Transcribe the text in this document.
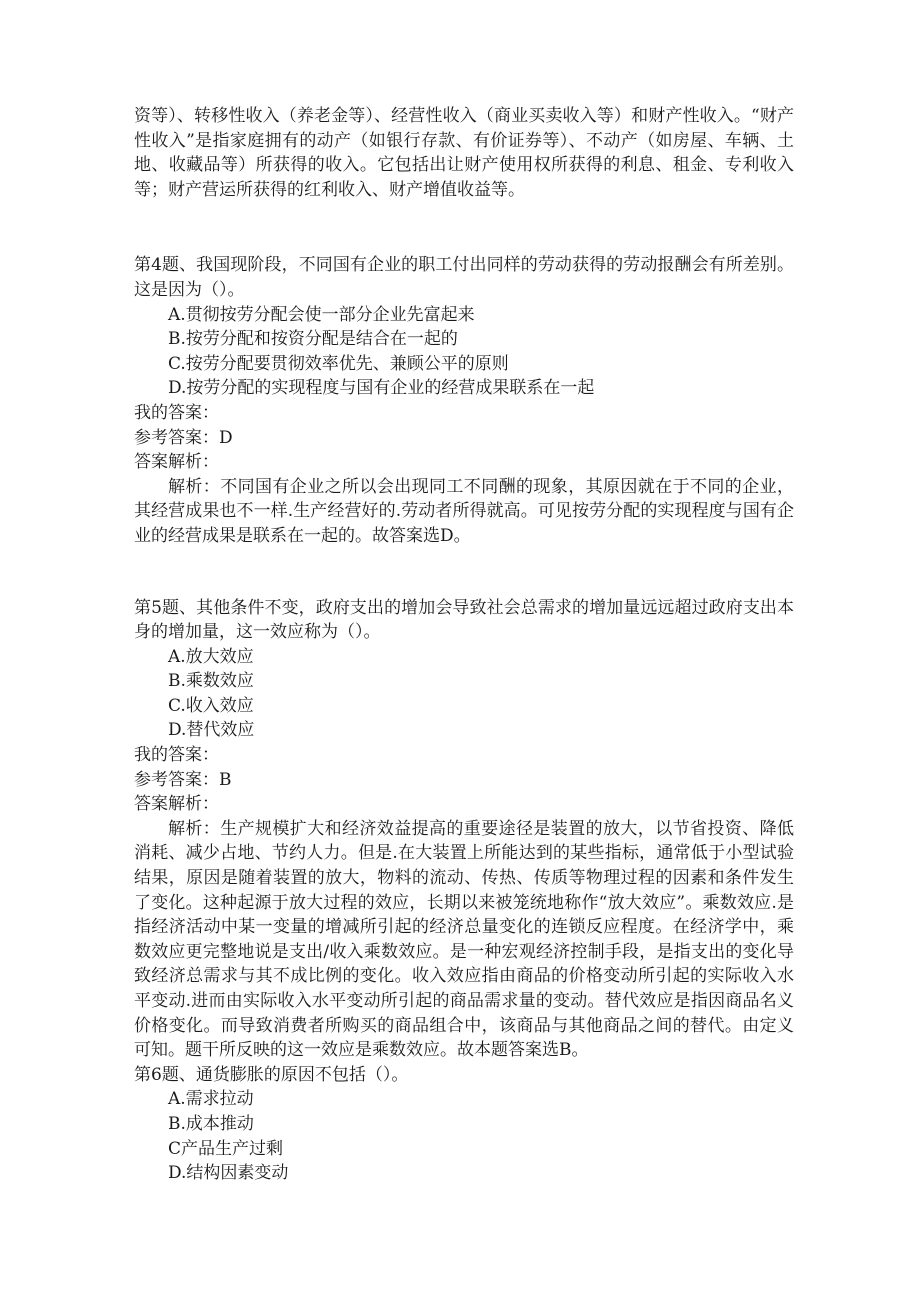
资等）、转移性收入（养老金等）、经营性收入（商业买卖收入等）和财产性收入。“财产性收入”是指家庭拥有的动产（如银行存款、有价证券等）、不动产（如房屋、车辆、土地、收藏品等）所获得的收入。它包括出让财产使用权所获得的利息、租金、专利收入等；财产营运所获得的红利收入、财产增值收益等。

第4题、我国现阶段，不同国有企业的职工付出同样的劳动获得的劳动报酬会有所差别。这是因为（）。

A.贯彻按劳分配会使一部分企业先富起来

B.按劳分配和按资分配是结合在一起的

C.按劳分配要贯彻效率优先、兼顾公平的原则

D.按劳分配的实现程度与国有企业的经营成果联系在一起

我的答案：

参考答案：D

答案解析：

解析：不同国有企业之所以会出现同工不同酬的现象，其原因就在于不同的企业，其经营成果也不一样.生产经营好的.劳动者所得就高。可见按劳分配的实现程度与国有企业的经营成果是联系在一起的。故答案选D。

第5题、其他条件不变，政府支出的增加会导致社会总需求的增加量远远超过政府支出本身的增加量，这一效应称为（）。

A.放大效应

B.乘数效应

C.收入效应

D.替代效应

我的答案：

参考答案：B

答案解析：

解析：生产规模扩大和经济效益提高的重要途径是装置的放大，以节省投资、降低消耗、减少占地、节约人力。但是.在大装置上所能达到的某些指标，通常低于小型试验结果，原因是随着装置的放大，物料的流动、传热、传质等物理过程的因素和条件发生了变化。这种起源于放大过程的效应，长期以来被笼统地称作“放大效应”。乘数效应.是指经济活动中某一变量的增减所引起的经济总量变化的连锁反应程度。在经济学中，乘数效应更完整地说是支出/收入乘数效应。是一种宏观经济控制手段，是指支出的变化导致经济总需求与其不成比例的变化。收入效应指由商品的价格变动所引起的实际收入水平变动.进而由实际收入水平变动所引起的商品需求量的变动。替代效应是指因商品名义价格变化。而导致消费者所购买的商品组合中，该商品与其他商品之间的替代。由定义可知。题干所反映的这一效应是乘数效应。故本题答案选B。

第6题、通货膨胀的原因不包括（）。

A.需求拉动

B.成本推动

C产品生产过剩

D.结构因素变动
